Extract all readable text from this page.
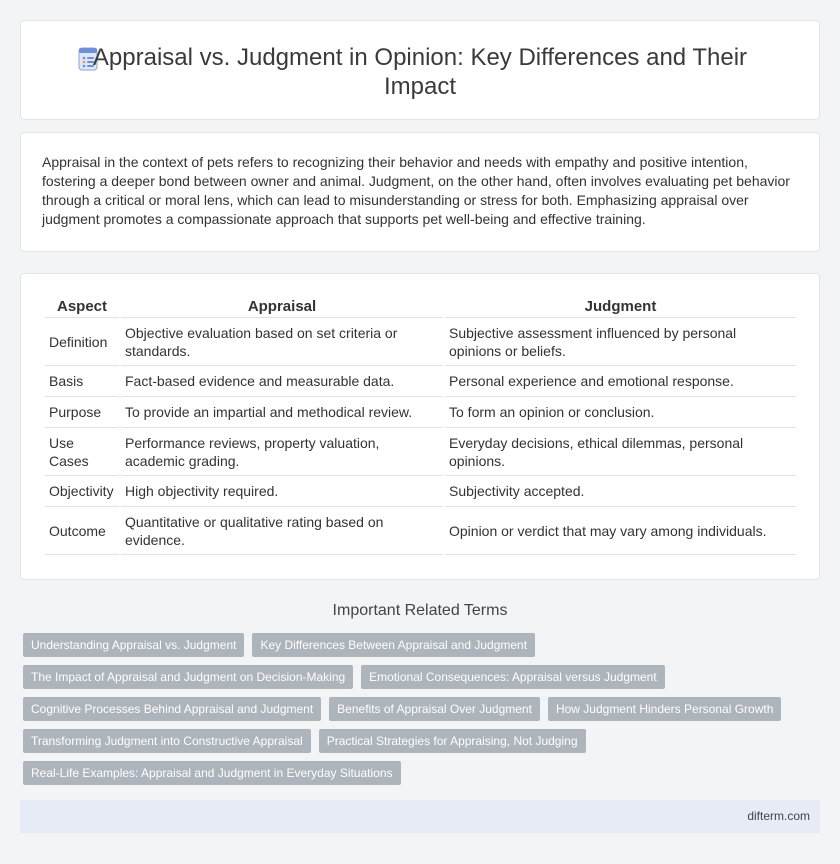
Appraisal vs. Judgment in Opinion: Key Differences and Their Impact

Appraisal in the context of pets refers to recognizing their behavior and needs with empathy and positive intention, fostering a deeper bond between owner and animal. Judgment, on the other hand, often involves evaluating pet behavior through a critical or moral lens, which can lead to misunderstanding or stress for both. Emphasizing appraisal over judgment promotes a compassionate approach that supports pet well-being and effective training.

Aspect	Appraisal	Judgment
Definition	Objective evaluation based on set criteria or standards.	Subjective assessment influenced by personal opinions or beliefs.
Basis	Fact-based evidence and measurable data.	Personal experience and emotional response.
Purpose	To provide an impartial and methodical review.	To form an opinion or conclusion.
Use Cases	Performance reviews, property valuation, academic grading.	Everyday decisions, ethical dilemmas, personal opinions.
Objectivity	High objectivity required.	Subjectivity accepted.
Outcome	Quantitative or qualitative rating based on evidence.	Opinion or verdict that may vary among individuals.
Important Related Terms
Understanding Appraisal vs. Judgment	Key Differences Between Appraisal and Judgment
The Impact of Appraisal and Judgment on Decision-Making	Emotional Consequences: Appraisal versus Judgment
Cognitive Processes Behind Appraisal and Judgment	Benefits of Appraisal Over Judgment	How Judgment Hinders Personal Growth
Transforming Judgment into Constructive Appraisal	Practical Strategies for Appraising, Not Judging
Real-Life Examples: Appraisal and Judgment in Everyday Situations
difterm.com
